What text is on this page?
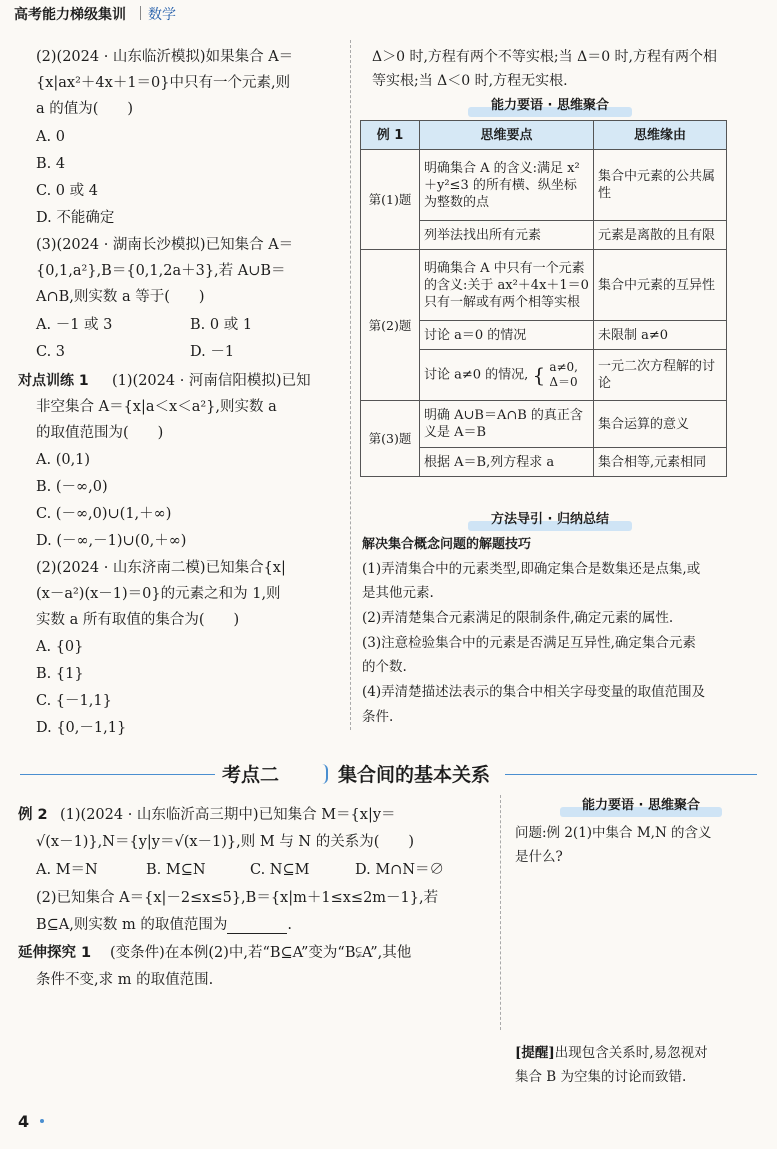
高考能力梯级集训 数学
(2)(2024 · 山东临沂模拟)如果集合 A＝
{x|ax²＋4x＋1＝0}中只有一个元素,则
a 的值为(　　)
A. 0
B. 4
C. 0 或 4
D. 不能确定
(3)(2024 · 湖南长沙模拟)已知集合 A＝
{0,1,a²},B＝{0,1,2a＋3},若 A∪B＝
A∩B,则实数 a 等于(　　)
A. －1 或 3	B. 0 或 1
C. 3	D. －1
对点训练 1 (1)(2024 · 河南信阳模拟)已知
非空集合 A＝{x|a＜x＜a²},则实数 a
的取值范围为(　　)
A. (0,1)
B. (－∞,0)
C. (－∞,0)∪(1,＋∞)
D. (－∞,－1)∪(0,＋∞)
(2)(2024 · 山东济南二模)已知集合{x|
(x－a²)(x－1)＝0}的元素之和为 1,则
实数 a 所有取值的集合为(　　)
A. {0}
B. {1}
C. {－1,1}
D. {0,－1,1}
Δ＞0 时,方程有两个不等实根;当 Δ＝0 时,方程有两个相
等实根;当 Δ＜0 时,方程无实根.
能力要语 · 思维聚合
例 1	思维要点	思维缘由
第(1)题	明确集合 A 的含义:满足 x²＋y²≤3 的所有横、纵坐标为整数的点	集合中元素的公共属性
	列举法找出所有元素	元素是离散的且有限
第(2)题	明确集合 A 中只有一个元素的含义:关于 ax²＋4x＋1＝0 只有一解或有两个相等实根	集合中元素的互异性
	讨论 a＝0 的情况	未限制 a≠0
	讨论 a≠0 的情况, { a≠0,
Δ＝0	一元二次方程解的讨论
第(3)题	明确 A∪B＝A∩B 的真正含义是 A＝B	集合运算的意义
	根据 A＝B,列方程求 a	集合相等,元素相同
方法导引 · 归纳总结
解决集合概念问题的解题技巧
(1)弄清集合中的元素类型,即确定集合是数集还是点集,或
是其他元素.
(2)弄清楚集合元素满足的限制条件,确定元素的属性.
(3)注意检验集合中的元素是否满足互异性,确定集合元素
的个数.
(4)弄清楚描述法表示的集合中相关字母变量的取值范围及
条件.
考点二	集合间的基本关系
例 2 (1)(2024 · 山东临沂高三期中)已知集合 M＝{x|y＝
√(x－1)},N＝{y|y＝√(x－1)},则 M 与 N 的关系为(　　)
A. M＝N	B. M⊆N	C. N⊆M	D. M∩N＝∅
(2)已知集合 A＝{x|－2≤x≤5},B＝{x|m＋1≤x≤2m－1},若
B⊆A,则实数 m 的取值范围为	.
延伸探究 1 (变条件)在本例(2)中,若“B⊆A”变为“B⫋A”,其他
条件不变,求 m 的取值范围.
能力要语 · 思维聚合
问题:例 2(1)中集合 M,N 的含义
是什么?
[提醒]出现包含关系时,易忽视对
集合 B 为空集的讨论而致错.
4
